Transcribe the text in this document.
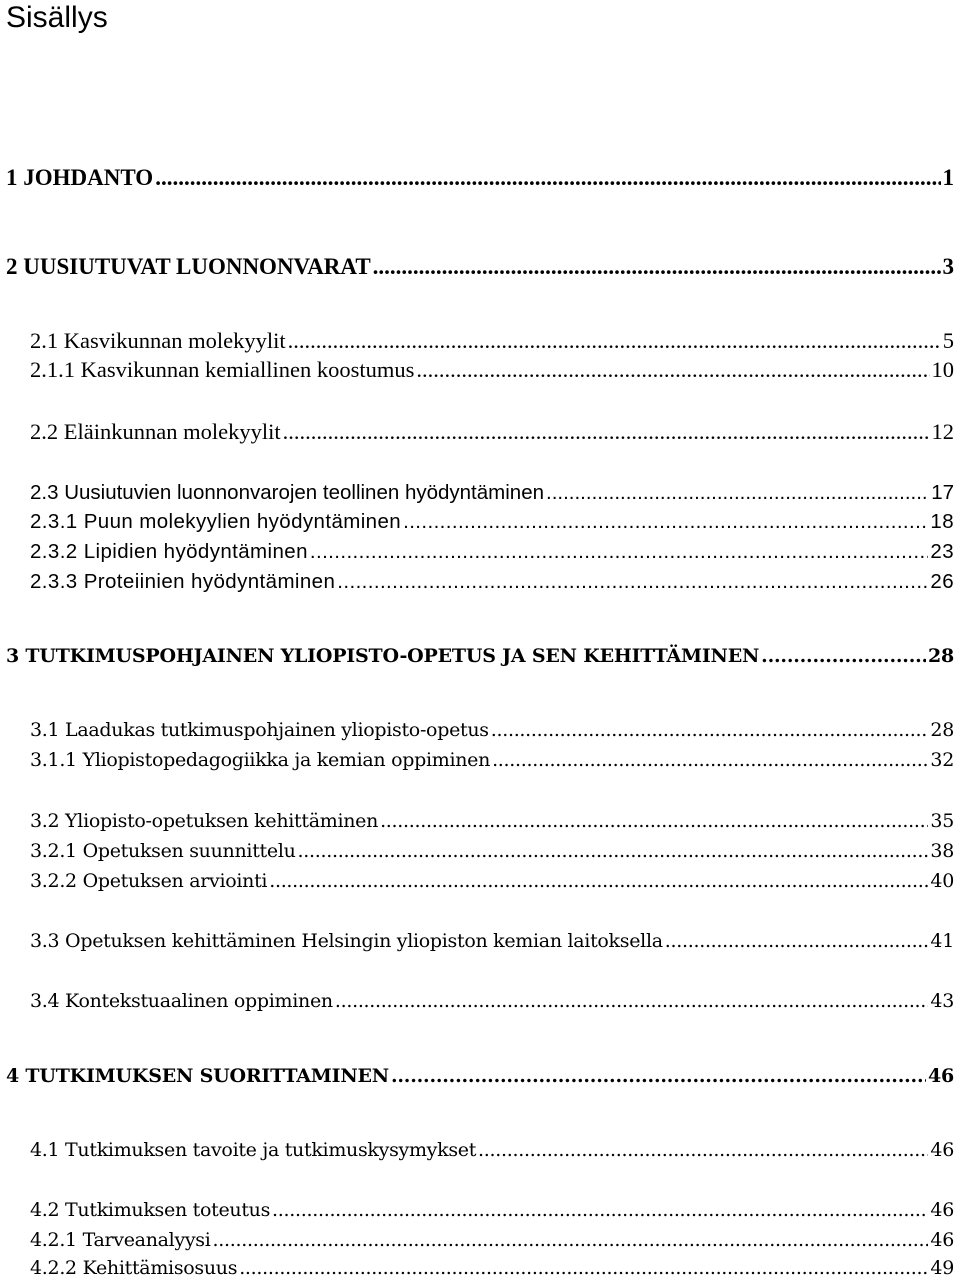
Sisällys
1 JOHDANTO .....	1
2 UUSIUTUVAT LUONNONVARAT .....	3
2.1 Kasvikunnan molekyylit .....	5
2.1.1 Kasvikunnan kemiallinen koostumus .....	10
2.2 Eläinkunnan molekyylit .....	12
2.3 Uusiutuvien luonnonvarojen teollinen hyödyntäminen .....	17
2.3.1 Puun molekyylien hyödyntäminen .....	18
2.3.2 Lipidien hyödyntäminen .....	23
2.3.3 Proteiinien hyödyntäminen .....	26
3 TUTKIMUSPOHJAINEN YLIOPISTO-OPETUS JA SEN KEHITTÄMINEN .....	28
3.1 Laadukas tutkimuspohjainen yliopisto-opetus .....	28
3.1.1 Yliopistopedagogiikka ja kemian oppiminen .....	32
3.2 Yliopisto-opetuksen kehittäminen .....	35
3.2.1 Opetuksen suunnittelu .....	38
3.2.2 Opetuksen arviointi .....	40
3.3 Opetuksen kehittäminen Helsingin yliopiston kemian laitoksella .....	41
3.4 Kontekstuaalinen oppiminen .....	43
4 TUTKIMUKSEN SUORITTAMINEN .....	46
4.1 Tutkimuksen tavoite ja tutkimuskysymykset .....	46
4.2 Tutkimuksen toteutus .....	46
4.2.1 Tarveanalyysi .....	46
4.2.2 Kehittämisosuus .....	49
